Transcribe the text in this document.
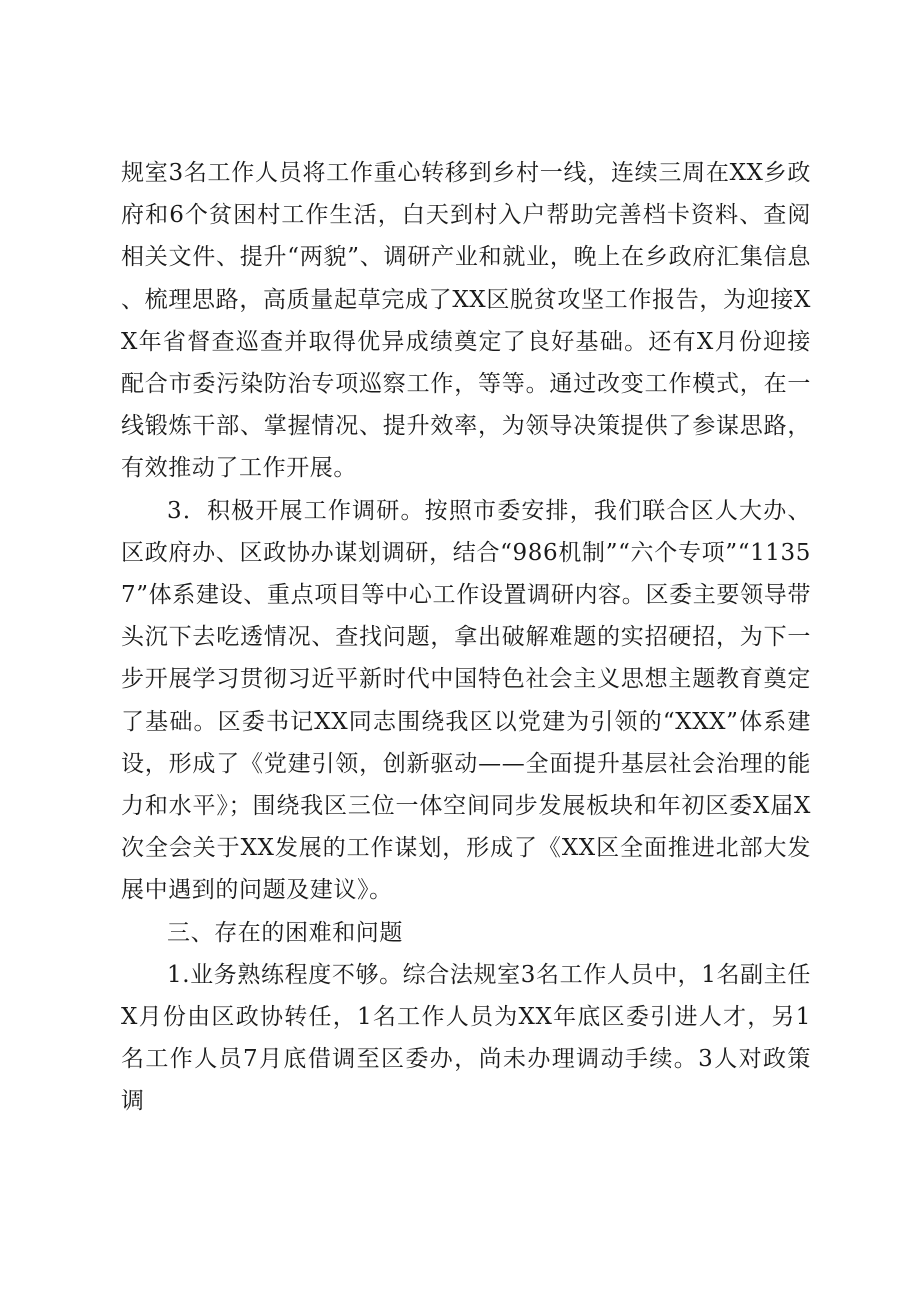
规室3名工作人员将工作重心转移到乡村一线，连续三周在XX乡政府和6个贫困村工作生活，白天到村入户帮助完善档卡资料、查阅相关文件、提升“两貌”、调研产业和就业，晚上在乡政府汇集信息、梳理思路，高质量起草完成了XX区脱贫攻坚工作报告，为迎接XX年省督查巡查并取得优异成绩奠定了良好基础。还有X月份迎接配合市委污染防治专项巡察工作，等等。通过改变工作模式，在一线锻炼干部、掌握情况、提升效率，为领导决策提供了参谋思路，有效推动了工作开展。

3．积极开展工作调研。按照市委安排，我们联合区人大办、区政府办、区政协办谋划调研，结合“986机制”“六个专项”“11357”体系建设、重点项目等中心工作设置调研内容。区委主要领导带头沉下去吃透情况、查找问题，拿出破解难题的实招硬招，为下一步开展学习贯彻习近平新时代中国特色社会主义思想主题教育奠定了基础。区委书记XX同志围绕我区以党建为引领的“XXX”体系建设，形成了《党建引领，创新驱动——全面提升基层社会治理的能力和水平》；围绕我区三位一体空间同步发展板块和年初区委X届X次全会关于XX发展的工作谋划，形成了《XX区全面推进北部大发展中遇到的问题及建议》。

三、存在的困难和问题

1.业务熟练程度不够。综合法规室3名工作人员中，1名副主任X月份由区政协转任，1名工作人员为XX年底区委引进人才，另1名工作人员7月底借调至区委办，尚未办理调动手续。3人对政策调
